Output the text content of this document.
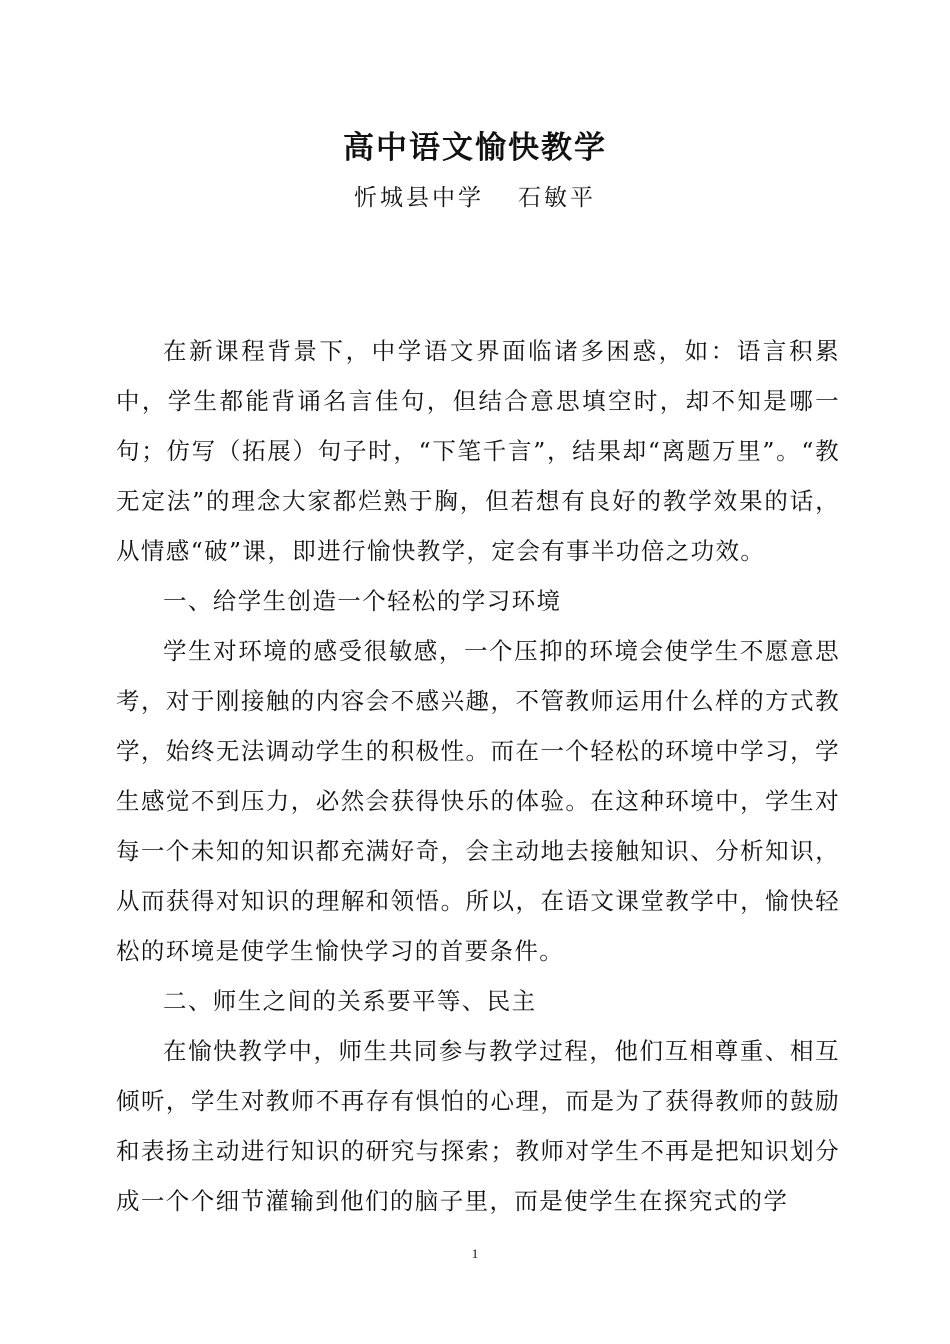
高中语文愉快教学
忻城县中学 石敏平

在新课程背景下，中学语文界面临诸多困惑，如：语言积累中，学生都能背诵名言佳句，但结合意思填空时，却不知是哪一句；仿写（拓展）句子时，“下笔千言”，结果却“离题万里”。“教无定法”的理念大家都烂熟于胸，但若想有良好的教学效果的话，从情感“破”课，即进行愉快教学，定会有事半功倍之功效。

一、给学生创造一个轻松的学习环境

学生对环境的感受很敏感，一个压抑的环境会使学生不愿意思考，对于刚接触的内容会不感兴趣，不管教师运用什么样的方式教学，始终无法调动学生的积极性。而在一个轻松的环境中学习，学生感觉不到压力，必然会获得快乐的体验。在这种环境中，学生对每一个未知的知识都充满好奇，会主动地去接触知识、分析知识，从而获得对知识的理解和领悟。所以，在语文课堂教学中，愉快轻松的环境是使学生愉快学习的首要条件。

二、师生之间的关系要平等、民主

在愉快教学中，师生共同参与教学过程，他们互相尊重、相互倾听，学生对教师不再存有惧怕的心理，而是为了获得教师的鼓励和表扬主动进行知识的研究与探索；教师对学生不再是把知识划分成一个个细节灌输到他们的脑子里，而是使学生在探究式的学

1
